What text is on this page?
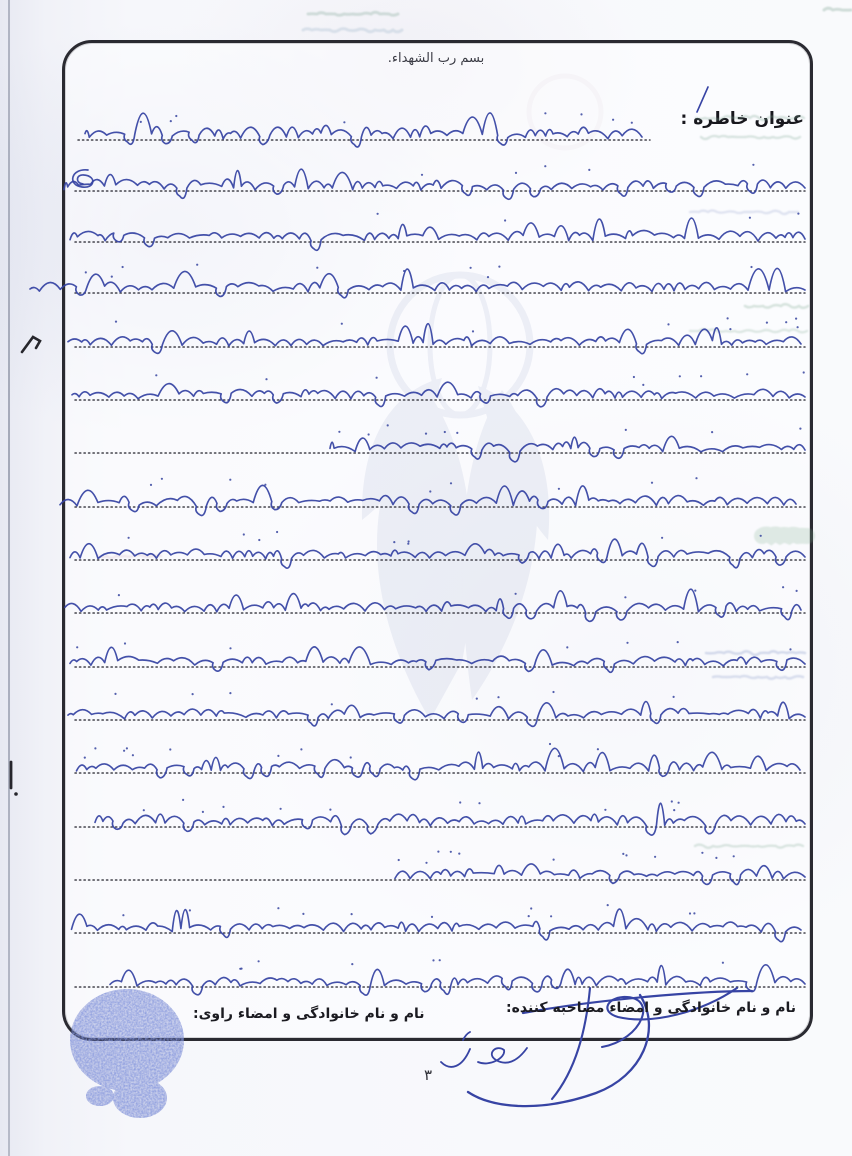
بسم رب الشهداء.
عنوان خاطره :
نام و نام خانوادگی و امضاء مصاحبه کننده:
نام و نام خانوادگی و امضاء راوی:
۳
